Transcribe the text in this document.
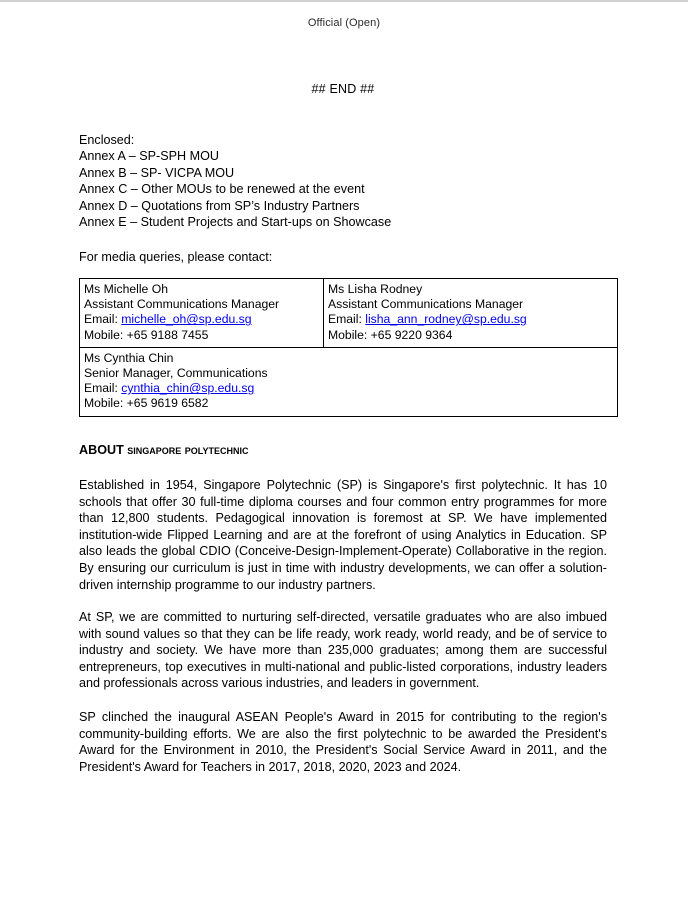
Official (Open)
## END ##
Enclosed:
Annex A – SP-SPH MOU
Annex B – SP- VICPA MOU
Annex C – Other MOUs to be renewed at the event
Annex D – Quotations from SP’s Industry Partners
Annex E – Student Projects and Start-ups on Showcase
For media queries, please contact:
Ms Michelle Oh
Assistant Communications Manager
Email: michelle_oh@sp.edu.sg
Mobile: +65 9188 7455

Ms Lisha Rodney
Assistant Communications Manager
Email: lisha_ann_rodney@sp.edu.sg
Mobile: +65 9220 9364

Ms Cynthia Chin
Senior Manager, Communications
Email: cynthia_chin@sp.edu.sg
Mobile: +65 9619 6582
ABOUT singapore polytechnic
Established in 1954, Singapore Polytechnic (SP) is Singapore's first polytechnic. It has 10 schools that offer 30 full-time diploma courses and four common entry programmes for more than 12,800 students. Pedagogical innovation is foremost at SP. We have implemented institution-wide Flipped Learning and are at the forefront of using Analytics in Education. SP also leads the global CDIO (Conceive-Design-Implement-Operate) Collaborative in the region. By ensuring our curriculum is just in time with industry developments, we can offer a solution-driven internship programme to our industry partners.
At SP, we are committed to nurturing self-directed, versatile graduates who are also imbued with sound values so that they can be life ready, work ready, world ready, and be of service to industry and society. We have more than 235,000 graduates; among them are successful entrepreneurs, top executives in multi-national and public-listed corporations, industry leaders and professionals across various industries, and leaders in government.
SP clinched the inaugural ASEAN People's Award in 2015 for contributing to the region's community-building efforts. We are also the first polytechnic to be awarded the President's Award for the Environment in 2010, the President's Social Service Award in 2011, and the President's Award for Teachers in 2017, 2018, 2020, 2023 and 2024.
